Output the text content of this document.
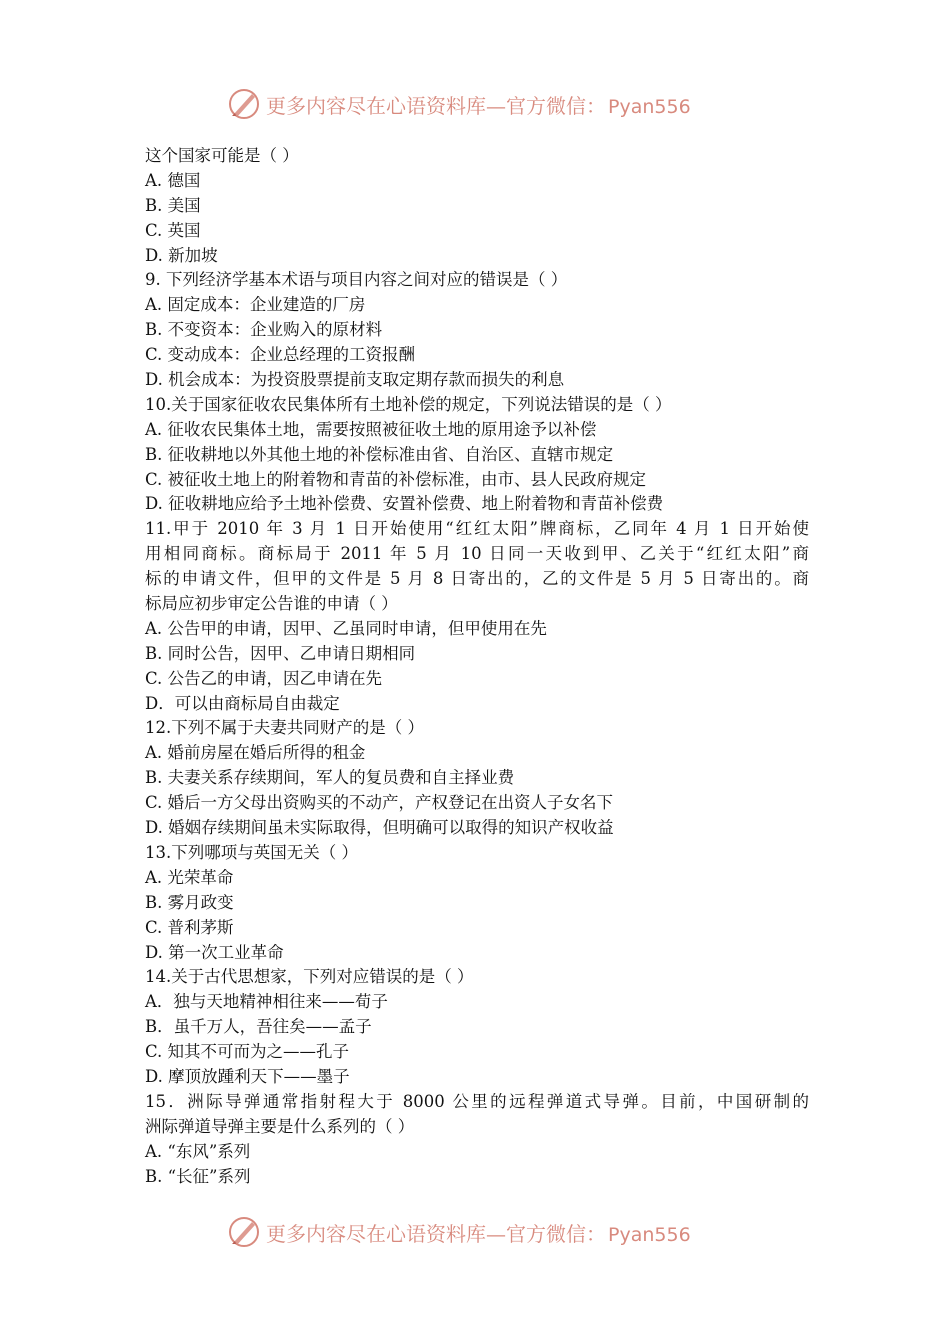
更多内容尽在心语资料库—官方微信： Pyan556
这个国家可能是（ ）
A. 德国
B. 美国
C. 英国
D. 新加坡
9. 下列经济学基本术语与项目内容之间对应的错误是（ ）
A. 固定成本：企业建造的厂房
B. 不变资本：企业购入的原材料
C. 变动成本：企业总经理的工资报酬
D. 机会成本：为投资股票提前支取定期存款而损失的利息
10.关于国家征收农民集体所有土地补偿的规定，下列说法错误的是（ ）
A. 征收农民集体土地，需要按照被征收土地的原用途予以补偿
B. 征收耕地以外其他土地的补偿标准由省、自治区、直辖市规定
C. 被征收土地上的附着物和青苗的补偿标准，由市、县人民政府规定
D. 征收耕地应给予土地补偿费、安置补偿费、地上附着物和青苗补偿费
11.甲于 2010 年 3 月 1 日开始使用“红红太阳”牌商标，乙同年 4 月 1 日开始使
用相同商标。商标局于 2011 年 5 月 10 日同一天收到甲、乙关于“红红太阳”商
标的申请文件，但甲的文件是 5 月 8 日寄出的，乙的文件是 5 月 5 日寄出的。商
标局应初步审定公告谁的申请（ ）
A. 公告甲的申请，因甲、乙虽同时申请，但甲使用在先
B. 同时公告，因甲、乙申请日期相同
C. 公告乙的申请，因乙申请在先
D．可以由商标局自由裁定
12.下列不属于夫妻共同财产的是（ ）
A. 婚前房屋在婚后所得的租金
B. 夫妻关系存续期间，军人的复员费和自主择业费
C. 婚后一方父母出资购买的不动产，产权登记在出资人子女名下
D. 婚姻存续期间虽未实际取得，但明确可以取得的知识产权收益
13.下列哪项与英国无关（ ）
A. 光荣革命
B. 雾月政变
C. 普利茅斯
D. 第一次工业革命
14.关于古代思想家，下列对应错误的是（ ）
A．独与天地精神相往来——荀子
B．虽千万人，吾往矣——孟子
C. 知其不可而为之——孔子
D. 摩顶放踵利天下——墨子
15．洲际导弹通常指射程大于 8000 公里的远程弹道式导弹。目前，中国研制的
洲际弹道导弹主要是什么系列的（ ）
A. “东风”系列
B. “长征”系列
更多内容尽在心语资料库—官方微信： Pyan556
